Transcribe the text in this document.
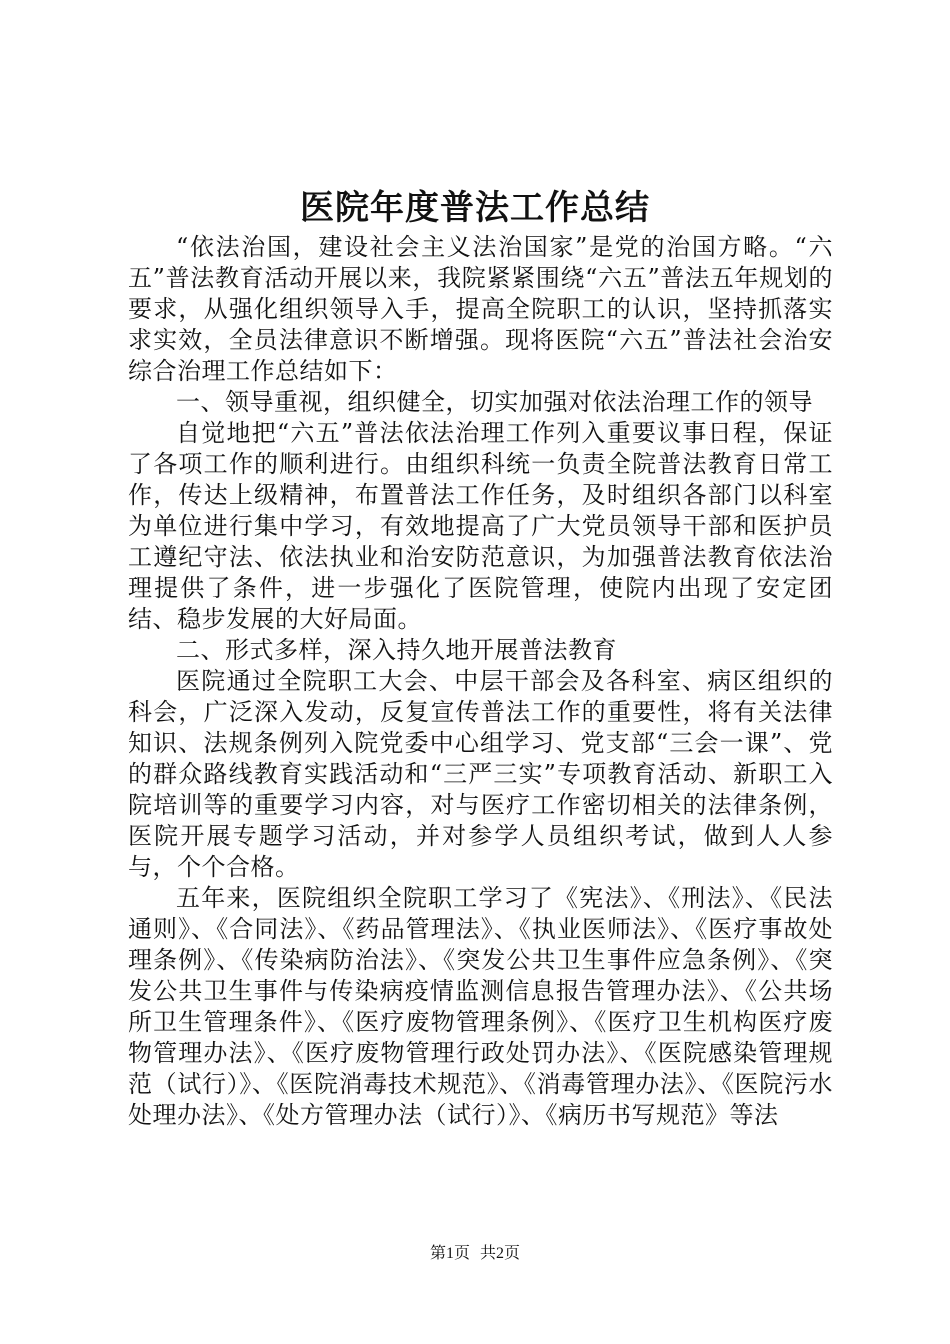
医院年度普法工作总结

“依法治国，建设社会主义法治国家”是党的治国方略。“六五”普法教育活动开展以来，我院紧紧围绕“六五”普法五年规划的要求，从强化组织领导入手，提高全院职工的认识，坚持抓落实求实效，全员法律意识不断增强。现将医院“六五”普法社会治安综合治理工作总结如下：

一、领导重视，组织健全，切实加强对依法治理工作的领导

自觉地把“六五”普法依法治理工作列入重要议事日程，保证了各项工作的顺利进行。由组织科统一负责全院普法教育日常工作，传达上级精神，布置普法工作任务，及时组织各部门以科室为单位进行集中学习，有效地提高了广大党员领导干部和医护员工遵纪守法、依法执业和治安防范意识，为加强普法教育依法治理提供了条件，进一步强化了医院管理，使院内出现了安定团结、稳步发展的大好局面。

二、形式多样，深入持久地开展普法教育

医院通过全院职工大会、中层干部会及各科室、病区组织的科会，广泛深入发动，反复宣传普法工作的重要性，将有关法律知识、法规条例列入院党委中心组学习、党支部“三会一课”、党的群众路线教育实践活动和“三严三实”专项教育活动、新职工入院培训等的重要学习内容，对与医疗工作密切相关的法律条例，医院开展专题学习活动，并对参学人员组织考试，做到人人参与，个个合格。

五年来，医院组织全院职工学习了《宪法》、《刑法》、《民法通则》、《合同法》、《药品管理法》、《执业医师法》、《医疗事故处理条例》、《传染病防治法》、《突发公共卫生事件应急条例》、《突发公共卫生事件与传染病疫情监测信息报告管理办法》、《公共场所卫生管理条件》、《医疗废物管理条例》、《医疗卫生机构医疗废物管理办法》、《医疗废物管理行政处罚办法》、《医院感染管理规范（试行）》、《医院消毒技术规范》、《消毒管理办法》、《医院污水处理办法》、《处方管理办法（试行）》、《病历书写规范》等法

第1页 共2页
